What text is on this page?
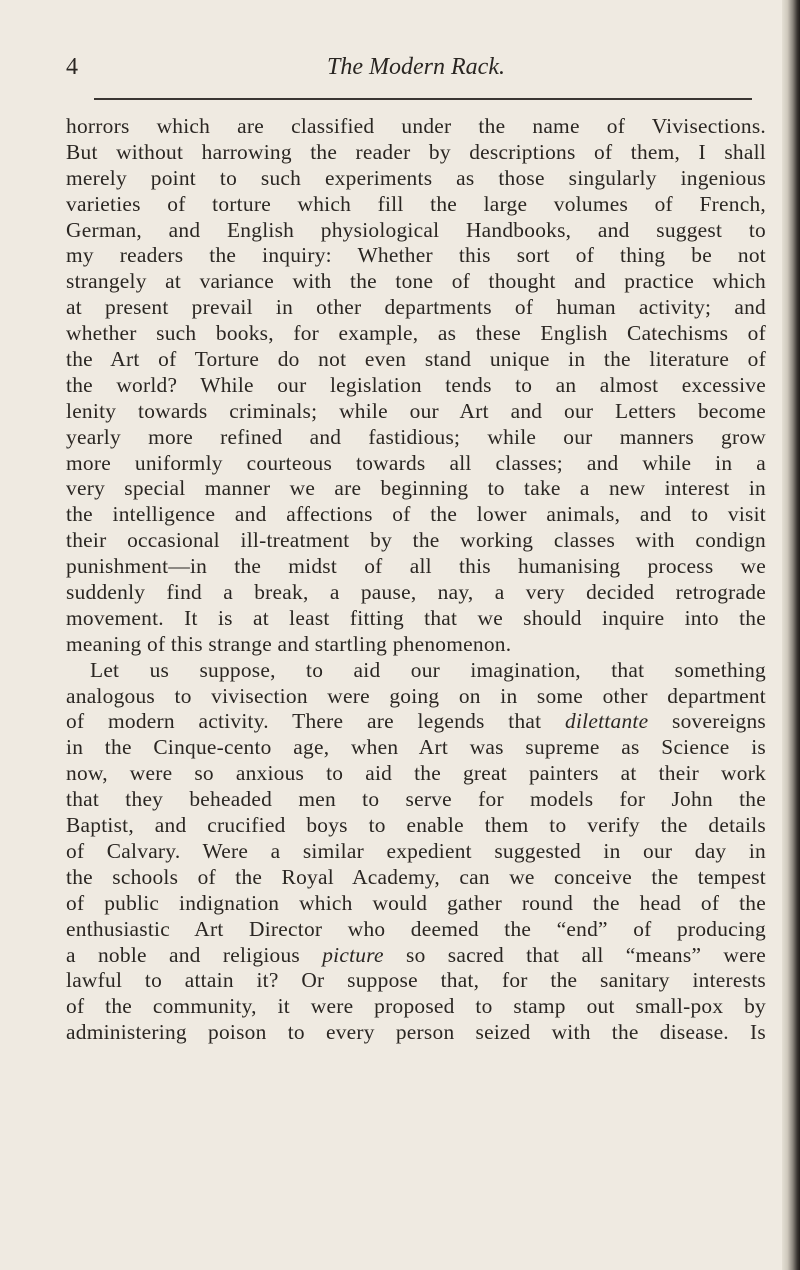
4	The Modern Rack.
horrors which are classified under the name of Vivisections.
But without harrowing the reader by descriptions of them, I shall
merely point to such experiments as those singularly ingenious
varieties of torture which fill the large volumes of French,
German, and English physiological Handbooks, and suggest to
my readers the inquiry: Whether this sort of thing be not
strangely at variance with the tone of thought and practice which
at present prevail in other departments of human activity; and
whether such books, for example, as these English Catechisms of
the Art of Torture do not even stand unique in the literature of
the world? While our legislation tends to an almost excessive
lenity towards criminals; while our Art and our Letters become
yearly more refined and fastidious; while our manners grow
more uniformly courteous towards all classes; and while in a
very special manner we are beginning to take a new interest in
the intelligence and affections of the lower animals, and to visit
their occasional ill-treatment by the working classes with condign
punishment—in the midst of all this humanising process we
suddenly find a break, a pause, nay, a very decided retrograde
movement. It is at least fitting that we should inquire into the
meaning of this strange and startling phenomenon.
Let us suppose, to aid our imagination, that something
analogous to vivisection were going on in some other department
of modern activity. There are legends that dilettante sovereigns
in the Cinque-cento age, when Art was supreme as Science is
now, were so anxious to aid the great painters at their work
that they beheaded men to serve for models for John the
Baptist, and crucified boys to enable them to verify the details
of Calvary. Were a similar expedient suggested in our day in
the schools of the Royal Academy, can we conceive the tempest
of public indignation which would gather round the head of the
enthusiastic Art Director who deemed the “end” of producing
a noble and religious picture so sacred that all “means” were
lawful to attain it? Or suppose that, for the sanitary interests
of the community, it were proposed to stamp out small-pox by
administering poison to every person seized with the disease. Is
